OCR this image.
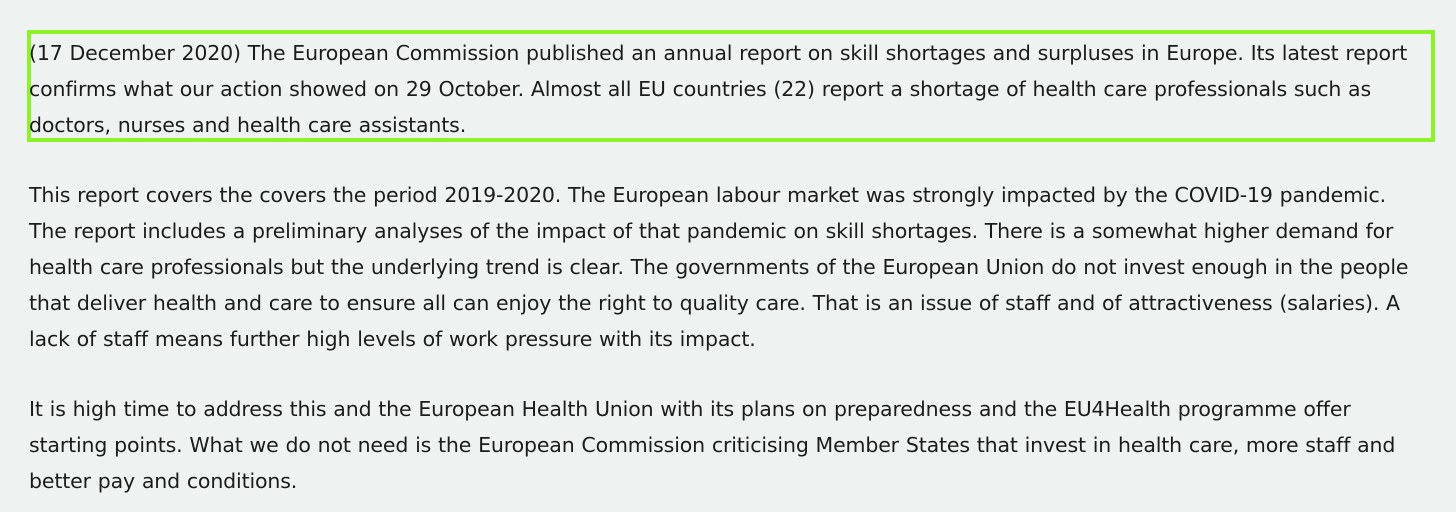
(17 December 2020) The European Commission published an annual report on skill shortages and surpluses in Europe. Its latest report confirms what our action showed on 29 October. Almost all EU countries (22) report a shortage of health care professionals such as doctors, nurses and health care assistants.

This report covers the covers the period 2019-2020. The European labour market was strongly impacted by the COVID-19 pandemic. The report includes a preliminary analyses of the impact of that pandemic on skill shortages. There is a somewhat higher demand for health care professionals but the underlying trend is clear. The governments of the European Union do not invest enough in the people that deliver health and care to ensure all can enjoy the right to quality care. That is an issue of staff and of attractiveness (salaries). A lack of staff means further high levels of work pressure with its impact.

It is high time to address this and the European Health Union with its plans on preparedness and the EU4Health programme offer starting points. What we do not need is the European Commission criticising Member States that invest in health care, more staff and better pay and conditions.
